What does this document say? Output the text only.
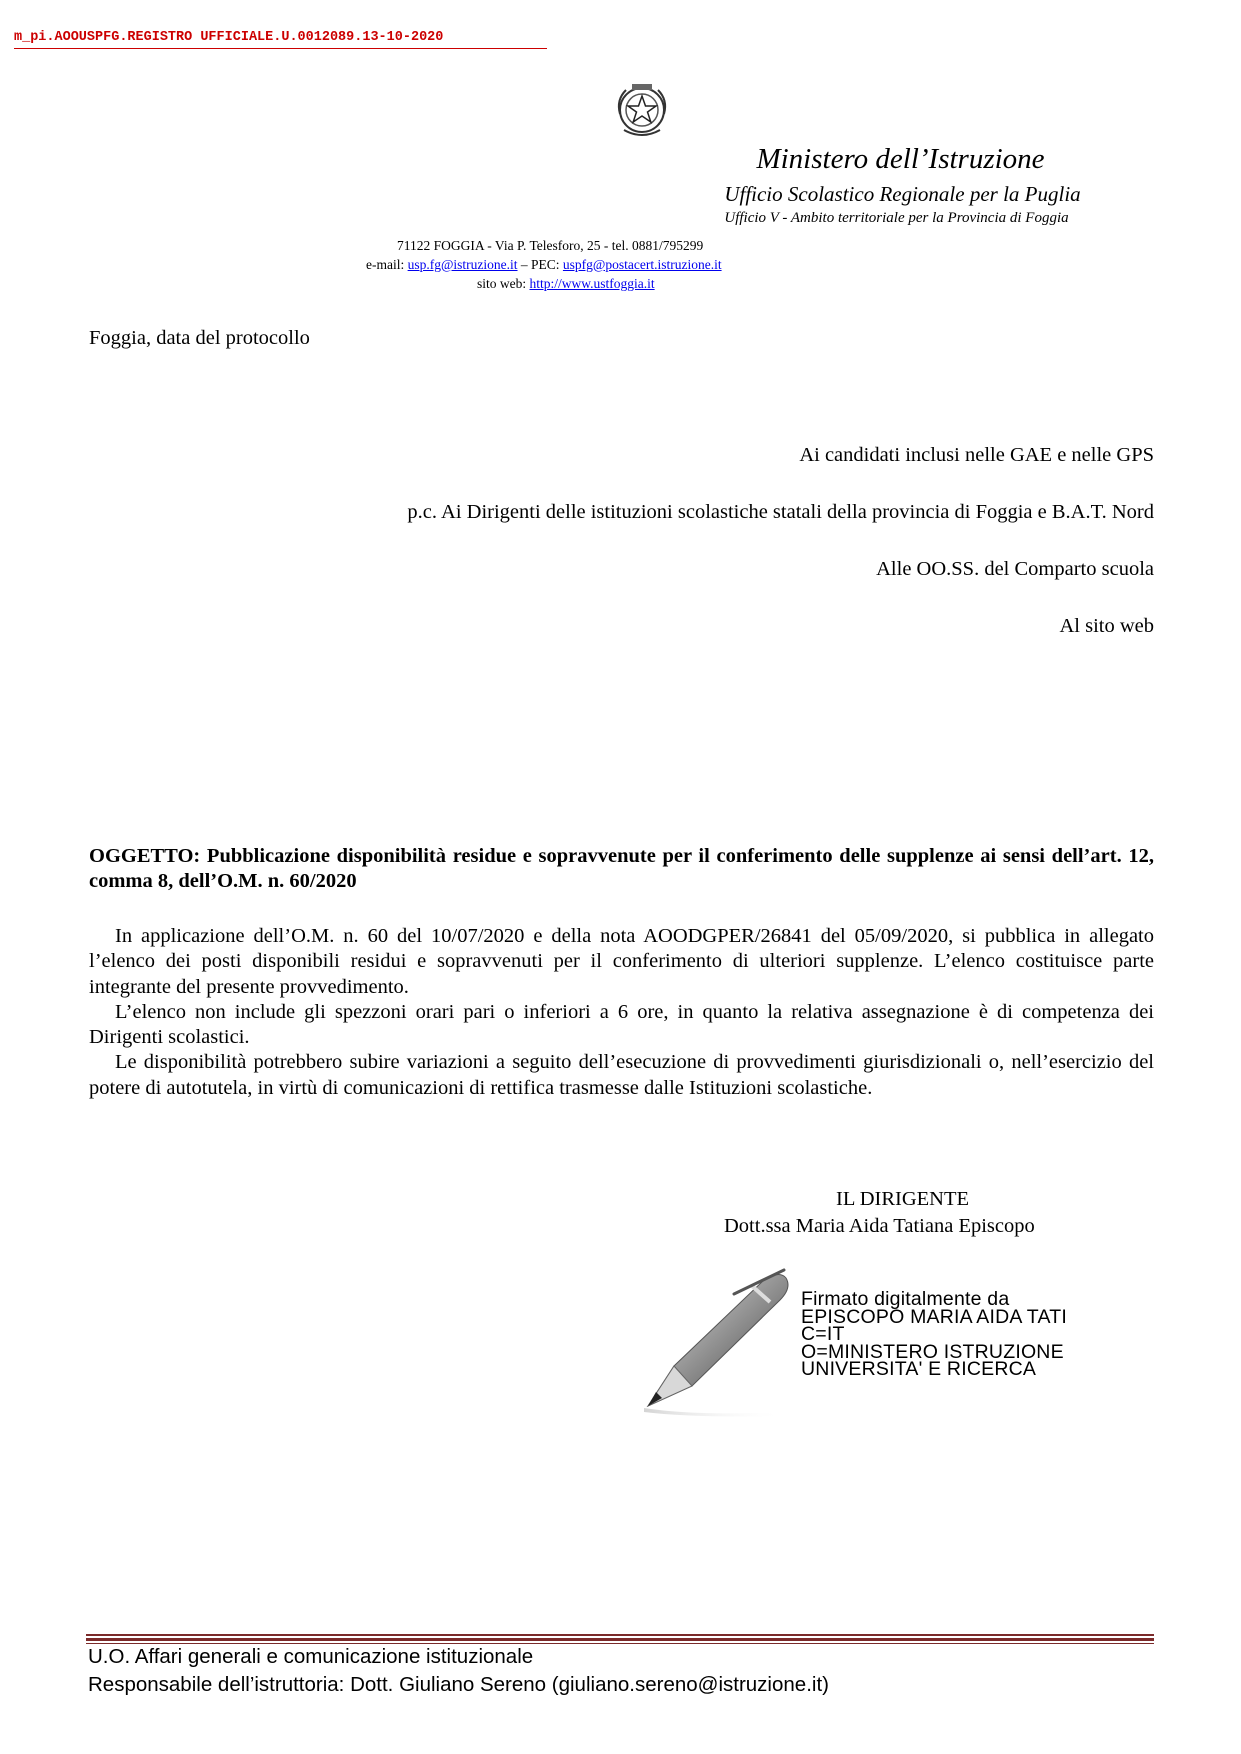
m_pi.AOOUSPFG.REGISTRO UFFICIALE.U.0012089.13-10-2020
Ministero dell’Istruzione
Ufficio Scolastico Regionale per la Puglia
Ufficio V - Ambito territoriale per la Provincia di Foggia
71122 FOGGIA - Via P. Telesforo, 25 - tel. 0881/795299
e-mail: usp.fg@istruzione.it – PEC: uspfg@postacert.istruzione.it
sito web: http://www.ustfoggia.it
Foggia, data del protocollo
Ai candidati inclusi nelle GAE e nelle GPS
p.c. Ai Dirigenti delle istituzioni scolastiche statali della provincia di Foggia e B.A.T. Nord
Alle OO.SS. del Comparto scuola
Al sito web
OGGETTO: Pubblicazione disponibilità residue e sopravvenute per il conferimento delle supplenze ai sensi dell’art. 12, comma 8, dell’O.M. n. 60/2020

In applicazione dell’O.M. n. 60 del 10/07/2020 e della nota AOODGPER/26841 del 05/09/2020, si pubblica in allegato l’elenco dei posti disponibili residui e sopravvenuti per il conferimento di ulteriori supplenze. L’elenco costituisce parte integrante del presente provvedimento.

L’elenco non include gli spezzoni orari pari o inferiori a 6 ore, in quanto la relativa assegnazione è di competenza dei Dirigenti scolastici.

Le disponibilità potrebbero subire variazioni a seguito dell’esecuzione di provvedimenti giurisdizionali o, nell’esercizio del potere di autotutela, in virtù di comunicazioni di rettifica trasmesse dalle Istituzioni scolastiche.

IL DIRIGENTE
Dott.ssa Maria Aida Tatiana Episcopo
Firmato digitalmente da
EPISCOPO MARIA AIDA TATI
C=IT
O=MINISTERO ISTRUZIONE
UNIVERSITA' E RICERCA
U.O. Affari generali e comunicazione istituzionale
Responsabile dell’istruttoria: Dott. Giuliano Sereno (giuliano.sereno@istruzione.it)
